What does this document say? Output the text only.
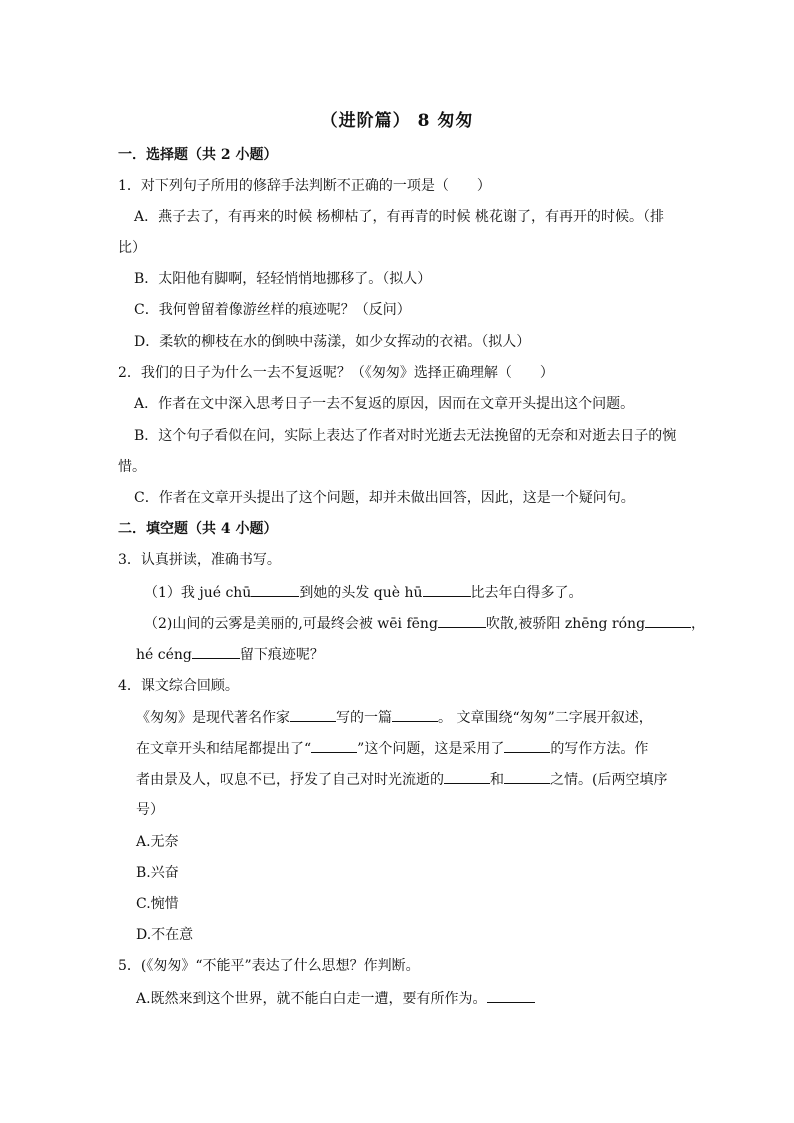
（进阶篇） 8 匆匆
一．选择题（共 2 小题）
1．对下列句子所用的修辞手法判断不正确的一项是（　　）
A．燕子去了，有再来的时候 杨柳枯了，有再青的时候 桃花谢了，有再开的时候。（排
比）
B．太阳他有脚啊，轻轻悄悄地挪移了。（拟人）
C．我何曾留着像游丝样的痕迹呢？（反问）
D．柔软的柳枝在水的倒映中荡漾，如少女挥动的衣裙。（拟人）
2．我们的日子为什么一去不复返呢？（《匆匆》选择正确理解（　　）
A．作者在文中深入思考日子一去不复返的原因，因而在文章开头提出这个问题。
B．这个句子看似在问，实际上表达了作者对时光逝去无法挽留的无奈和对逝去日子的惋
惜。
C．作者在文章开头提出了这个问题，却并未做出回答，因此，这是一个疑问句。
二．填空题（共 4 小题）
3．认真拼读，准确书写。
（1）我 jué chū	到她的头发 què hū	比去年白得多了。
（2)山间的云雾是美丽的,可最终会被 wēi fēng	吹散,被骄阳 zhēng róng	，
hé céng	留下痕迹呢？
4．课文综合回顾。
《匆匆》是现代著名作家	写的一篇	。 文章围绕“匆匆”二字展开叙述，
在文章开头和结尾都提出了“	”这个问题，这是采用了	的写作方法。作
者由景及人，叹息不已，抒发了自己对时光流逝的	和	之情。(后两空填序
号）
A.无奈
B.兴奋
C.惋惜
D.不在意
5．(《匆匆》“不能平”表达了什么思想？作判断。
A.既然来到这个世界，就不能白白走一遭，要有所作为。
